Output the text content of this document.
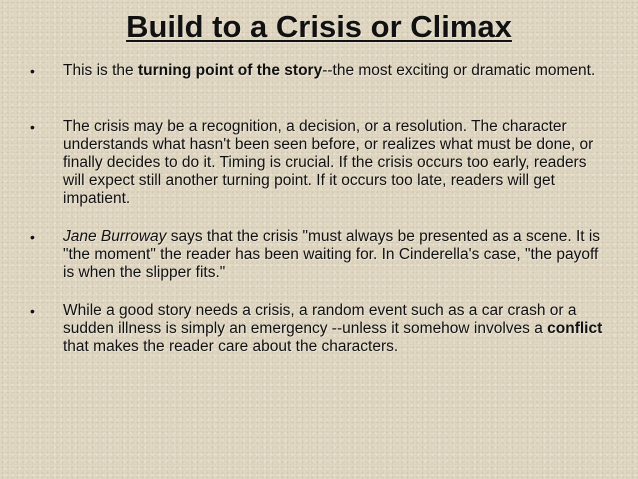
Build to a Crisis or Climax
• This is the turning point of the story--the most exciting or dramatic moment.
• The crisis may be a recognition, a decision, or a resolution. The character understands what hasn't been seen before, or realizes what must be done, or finally decides to do it. Timing is crucial. If the crisis occurs too early, readers will expect still another turning point. If it occurs too late, readers will get impatient.
• Jane Burroway says that the crisis "must always be presented as a scene. It is "the moment" the reader has been waiting for. In Cinderella's case, "the payoff is when the slipper fits."
• While a good story needs a crisis, a random event such as a car crash or a sudden illness is simply an emergency --unless it somehow involves a conflict that makes the reader care about the characters.
